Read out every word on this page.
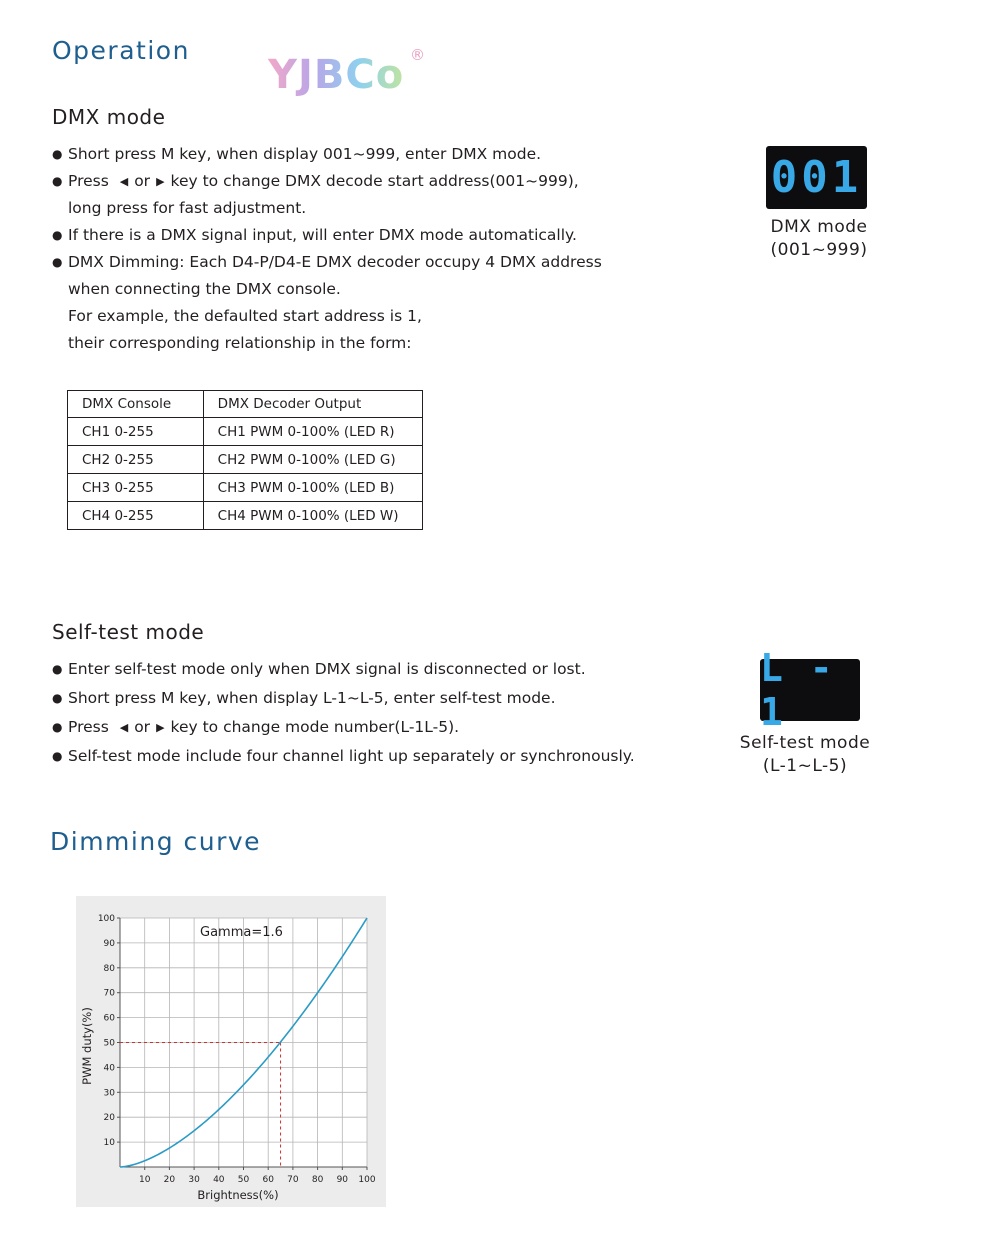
Operation
YJBCo ®
DMX mode
● Short press M key, when display 001~999, enter DMX mode.
● Press ◀ or ▶ key to change DMX decode start address(001~999),
long press for fast adjustment.
● If there is a DMX signal input, will enter DMX mode automatically.
● DMX Dimming: Each D4-P/D4-E DMX decoder occupy 4 DMX address
when connecting the DMX console.
For example, the defaulted start address is 1,
their corresponding relationship in the form:
DMX Console	DMX Decoder Output
CH1 0-255	CH1 PWM 0-100% (LED R)
CH2 0-255	CH2 PWM 0-100% (LED G)
CH3 0-255	CH3 PWM 0-100% (LED B)
CH4 0-255	CH4 PWM 0-100% (LED W)
001
DMX mode
(001~999)
Self-test mode
● Enter self-test mode only when DMX signal is disconnected or lost.
● Short press M key, when display L-1~L-5, enter self-test mode.
● Press ◀ or ▶ key to change mode number(L-1L-5).
● Self-test mode include four channel light up separately or synchronously.
L - 1
Self-test mode
(L-1~L-5)
Dimming curve
10 20 30 40 50 60 70 80 90 100
10
20
30
40
50
60
70
80
90
100
Gamma=1.6
Brightness(%)
PWM duty(%)
